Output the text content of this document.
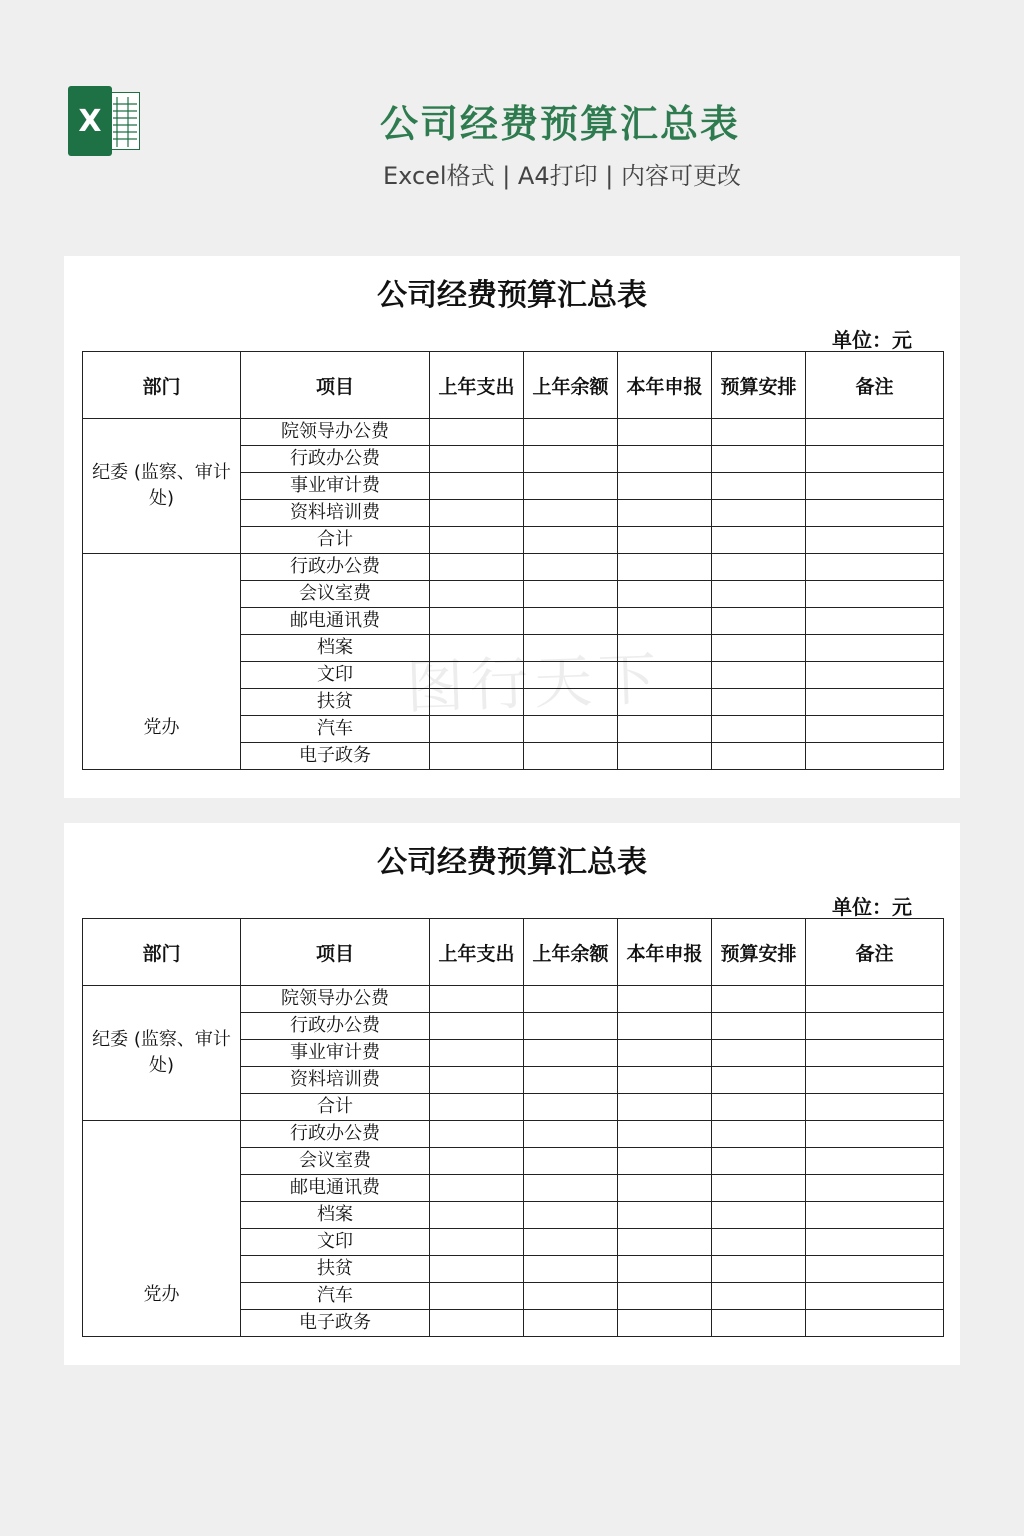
X	公司经费预算汇总表
Excel格式 | A4打印 | 内容可更改
公司经费预算汇总表
单位：元
部门	项目	上年支出	上年余额	本年申报	预算安排	备注
纪委 (监察、审计处)	院领导办公费					
	行政办公费					
	事业审计费					
	资料培训费					
	合计					
党办	行政办公费					
	会议室费					
	邮电通讯费					
	档案					
	文印					
	扶贫					
	汽车					
	电子政务					
图行天下
公司经费预算汇总表
单位：元
部门	项目	上年支出	上年余额	本年申报	预算安排	备注
纪委 (监察、审计处)	院领导办公费					
	行政办公费					
	事业审计费					
	资料培训费					
	合计					
党办	行政办公费					
	会议室费					
	邮电通讯费					
	档案					
	文印					
	扶贫					
	汽车					
	电子政务					
